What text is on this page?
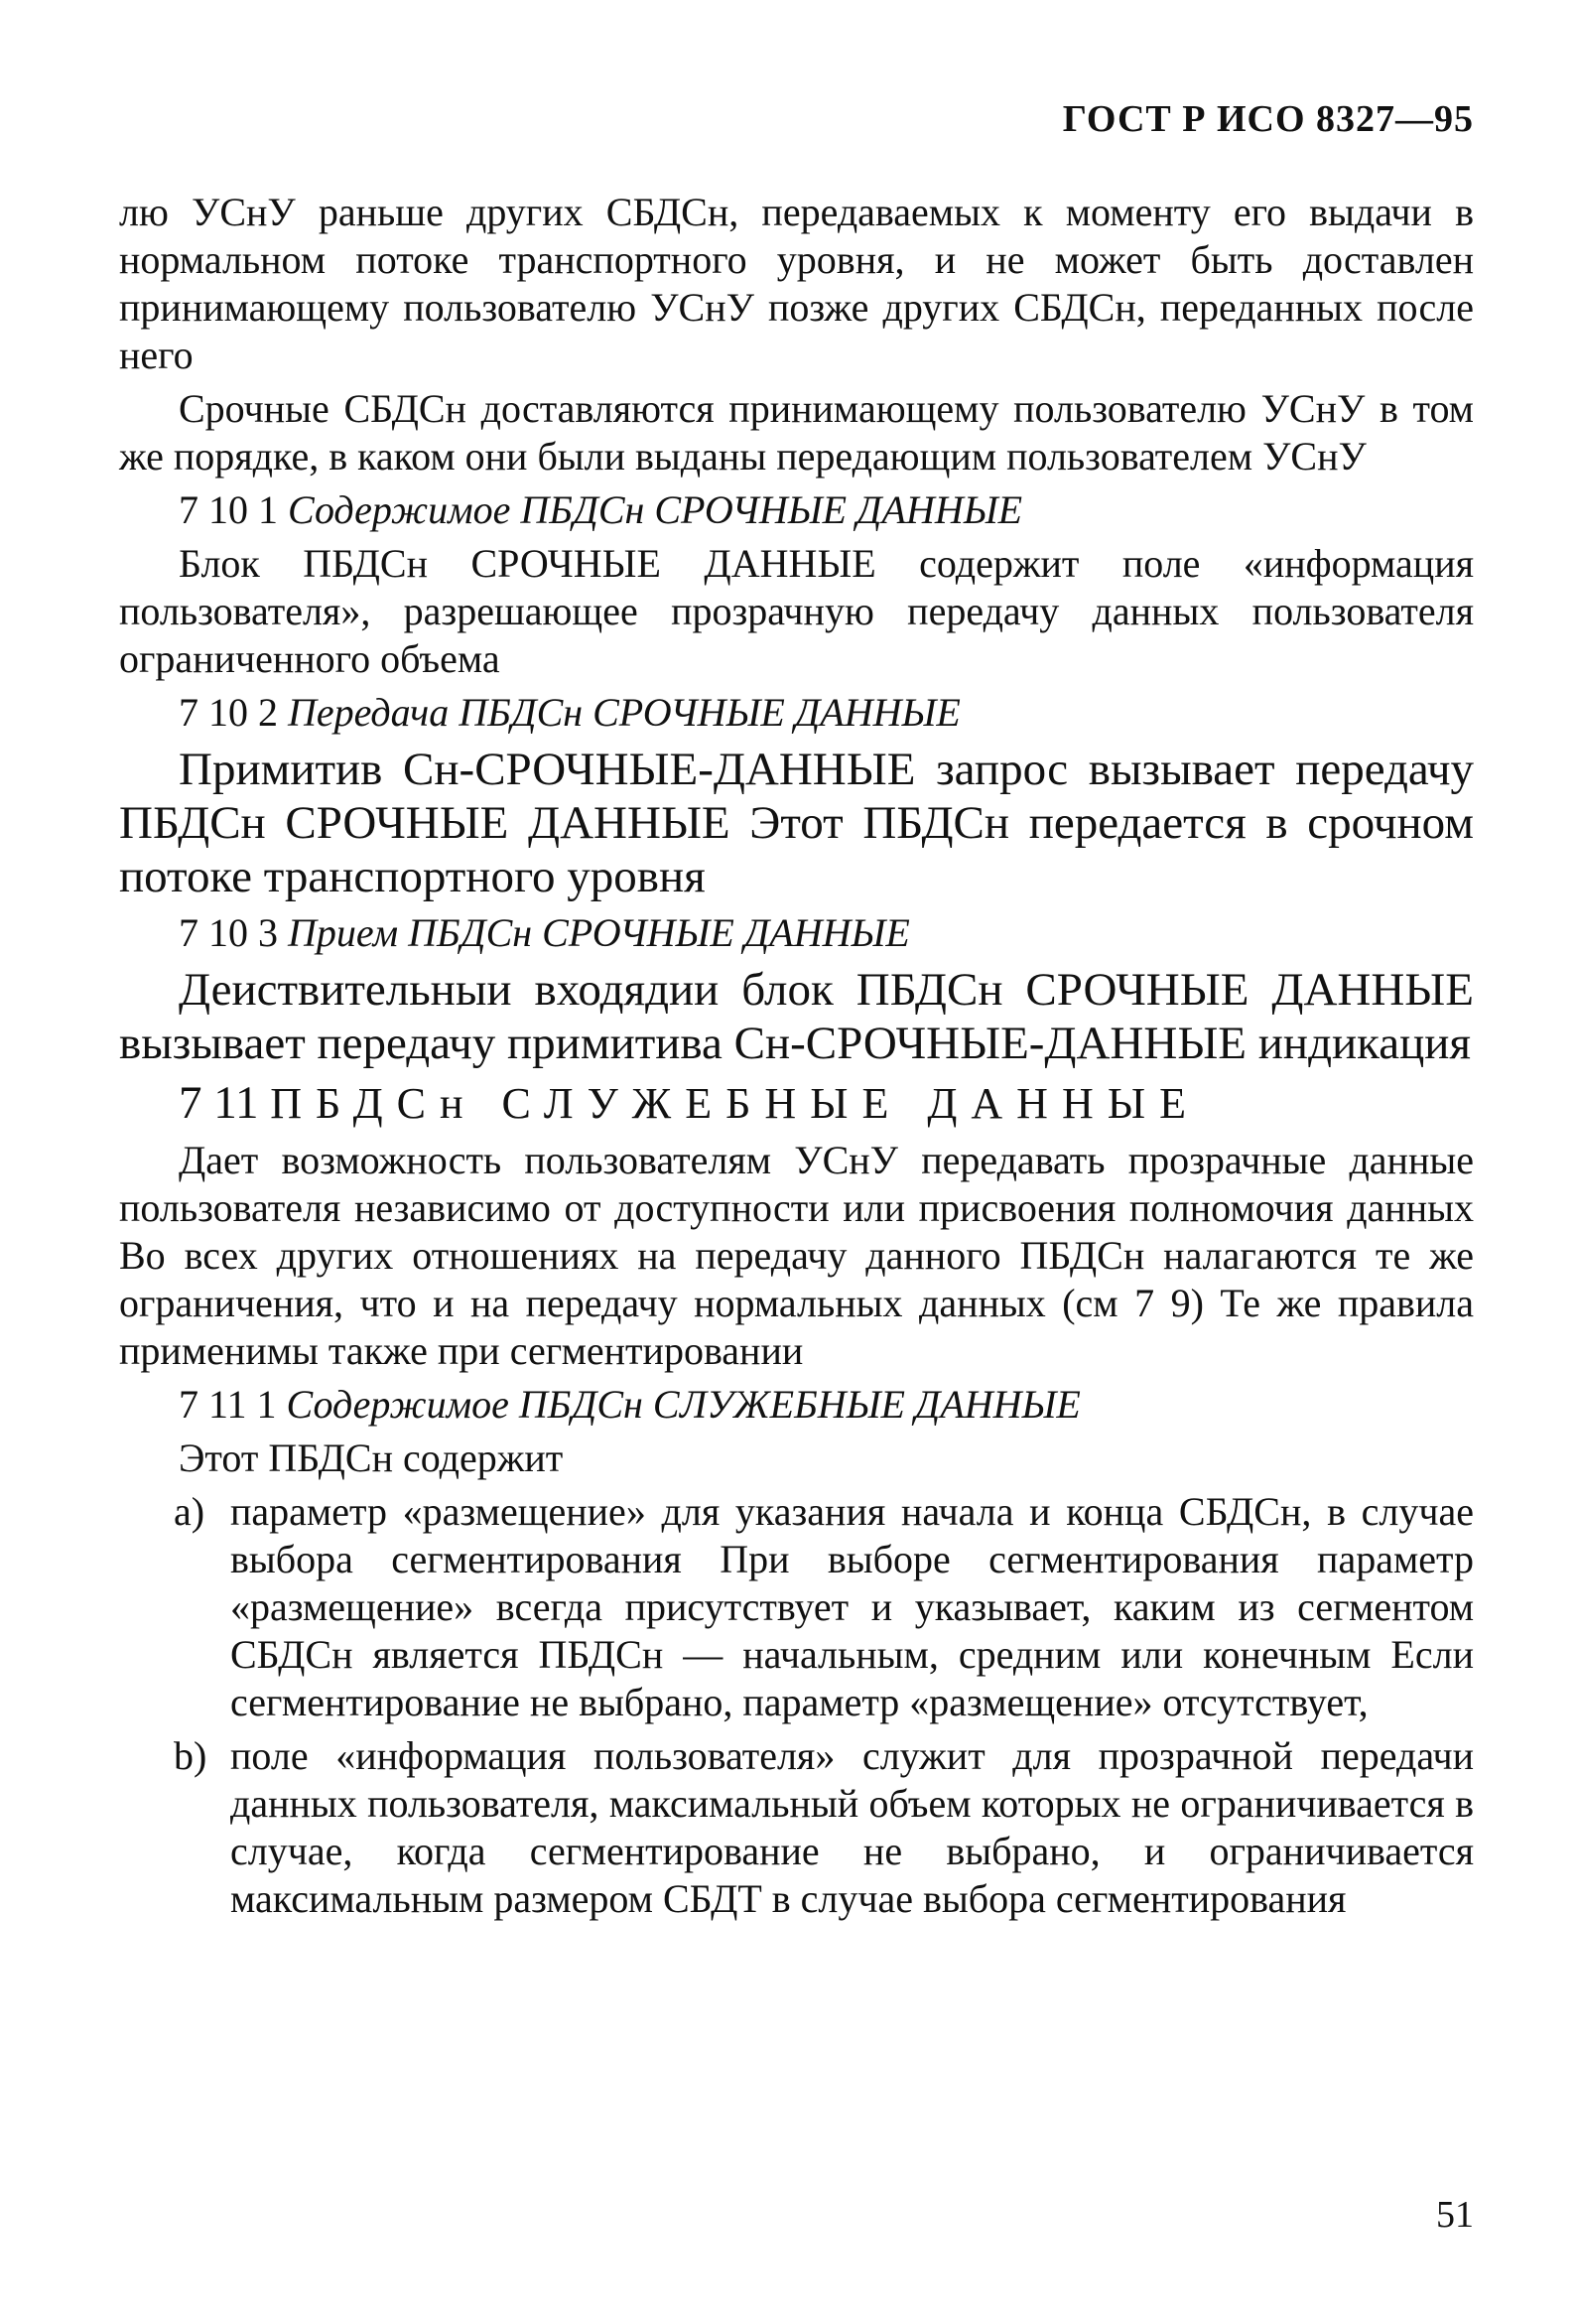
ГОСТ Р ИСО 8327—95

лю УСнУ раньше других СБДСн, передаваемых к моменту его выдачи в нормальном потоке транспортного уровня, и не может быть доставлен принимающему пользователю УСнУ позже других СБДСн, переданных после него

Срочные СБДСн доставляются принимающему пользователю УСнУ в том же порядке, в каком они были выданы передающим пользователем УСнУ

7 10 1 Содержимое ПБДСн СРОЧНЫЕ ДАННЫЕ

Блок ПБДСн СРОЧНЫЕ ДАННЫЕ содержит поле «информация пользователя», разрешающее прозрачную передачу данных пользователя ограниченного объема

7 10 2 Передача ПБДСн СРОЧНЫЕ ДАННЫЕ

Примитив Сн-СРОЧНЫЕ-ДАННЫЕ запрос вызывает передачу ПБДСн СРОЧНЫЕ ДАННЫЕ Этот ПБДСн передается в срочном потоке транспортного уровня

7 10 3 Прием ПБДСн СРОЧНЫЕ ДАННЫЕ

Деиствительныи входядии блок ПБДСн СРОЧНЫЕ ДАННЫЕ вызывает передачу примитива Сн-СРОЧНЫЕ-ДАННЫЕ индикация

7 11 ПБДСн СЛУЖЕБНЫЕ ДАННЫЕ

Дает возможность пользователям УСнУ передавать прозрачные данные пользователя независимо от доступности или присвоения полномочия данных Во всех других отношениях на передачу данного ПБДСн налагаются те же ограничения, что и на передачу нормальных данных (см 7 9) Те же правила применимы также при сегментировании

7 11 1 Содержимое ПБДСн СЛУЖЕБНЫЕ ДАННЫЕ

Этот ПБДСн содержит

a) параметр «размещение» для указания начала и конца СБДСн, в случае выбора сегментирования При выборе сегментирования параметр «размещение» всегда присутствует и указывает, каким из сегментом СБДСн является ПБДСн — начальным, средним или конечным Если сегментирование не выбрано, параметр «размещение» отсутствует,

b) поле «информация пользователя» служит для прозрачной передачи данных пользователя, максимальный объем которых не ограничивается в случае, когда сегментирование не выбрано, и ограничивается максимальным размером СБДТ в случае выбора сегментирования

51
